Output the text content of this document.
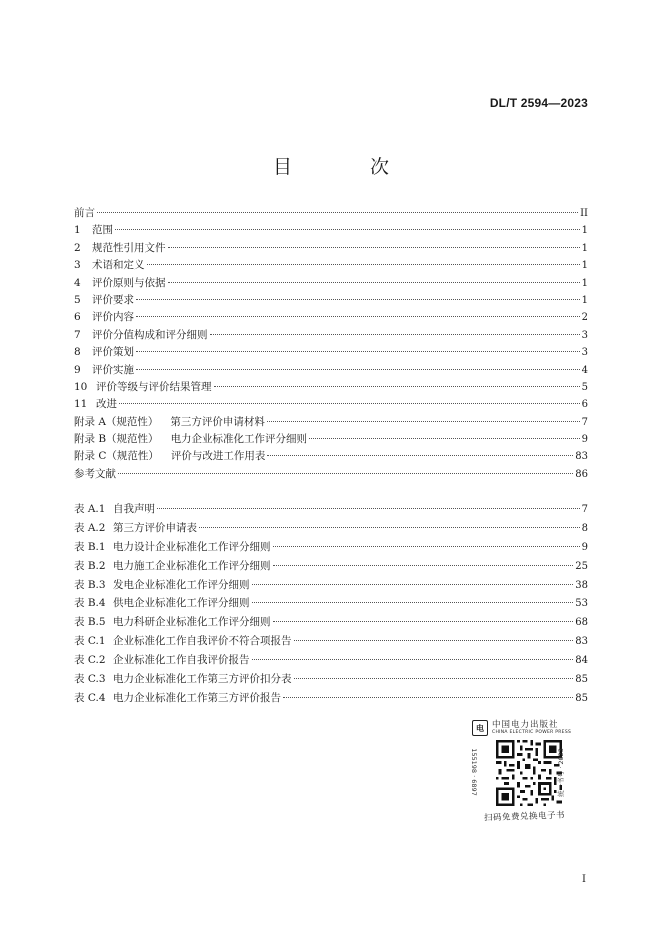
DL/T 2594—2023
目 次
前言	II
1	范围	1
2	规范性引用文件	1
3	术语和定义	1
4	评价原则与依据	1
5	评价要求	1
6	评价内容	2
7	评价分值构成和评分细则	3
8	评价策划	3
9	评价实施	4
10 评价等级与评价结果管理	5
11 改进	6
附录 A（规范性） 第三方评价申请材料	7
附录 B（规范性） 电力企业标准化工作评分细则	9
附录 C（规范性） 评价与改进工作用表	83
参考文献	86
表 A.1 自我声明	7
表 A.2 第三方评价申请表	8
表 B.1 电力设计企业标准化工作评分细则	9
表 B.2 电力施工企业标准化工作评分细则	25
表 B.3 发电企业标准化工作评分细则	38
表 B.4 供电企业标准化工作评分细则	53
表 B.5 电力科研企业标准化工作评分细则	68
表 C.1 企业标准化工作自我评价不符合项报告	83
表 C.2 企业标准化工作自我评价报告	84
表 C.3 电力企业标准化工作第三方评价扣分表	85
表 C.4 电力企业标准化工作第三方评价报告	85
电 中国电力出版社
CHINA ELECTRIC POWER PRESS
155198 · 6897	统一书号 · 2023
扫码免费兑换电子书
I
